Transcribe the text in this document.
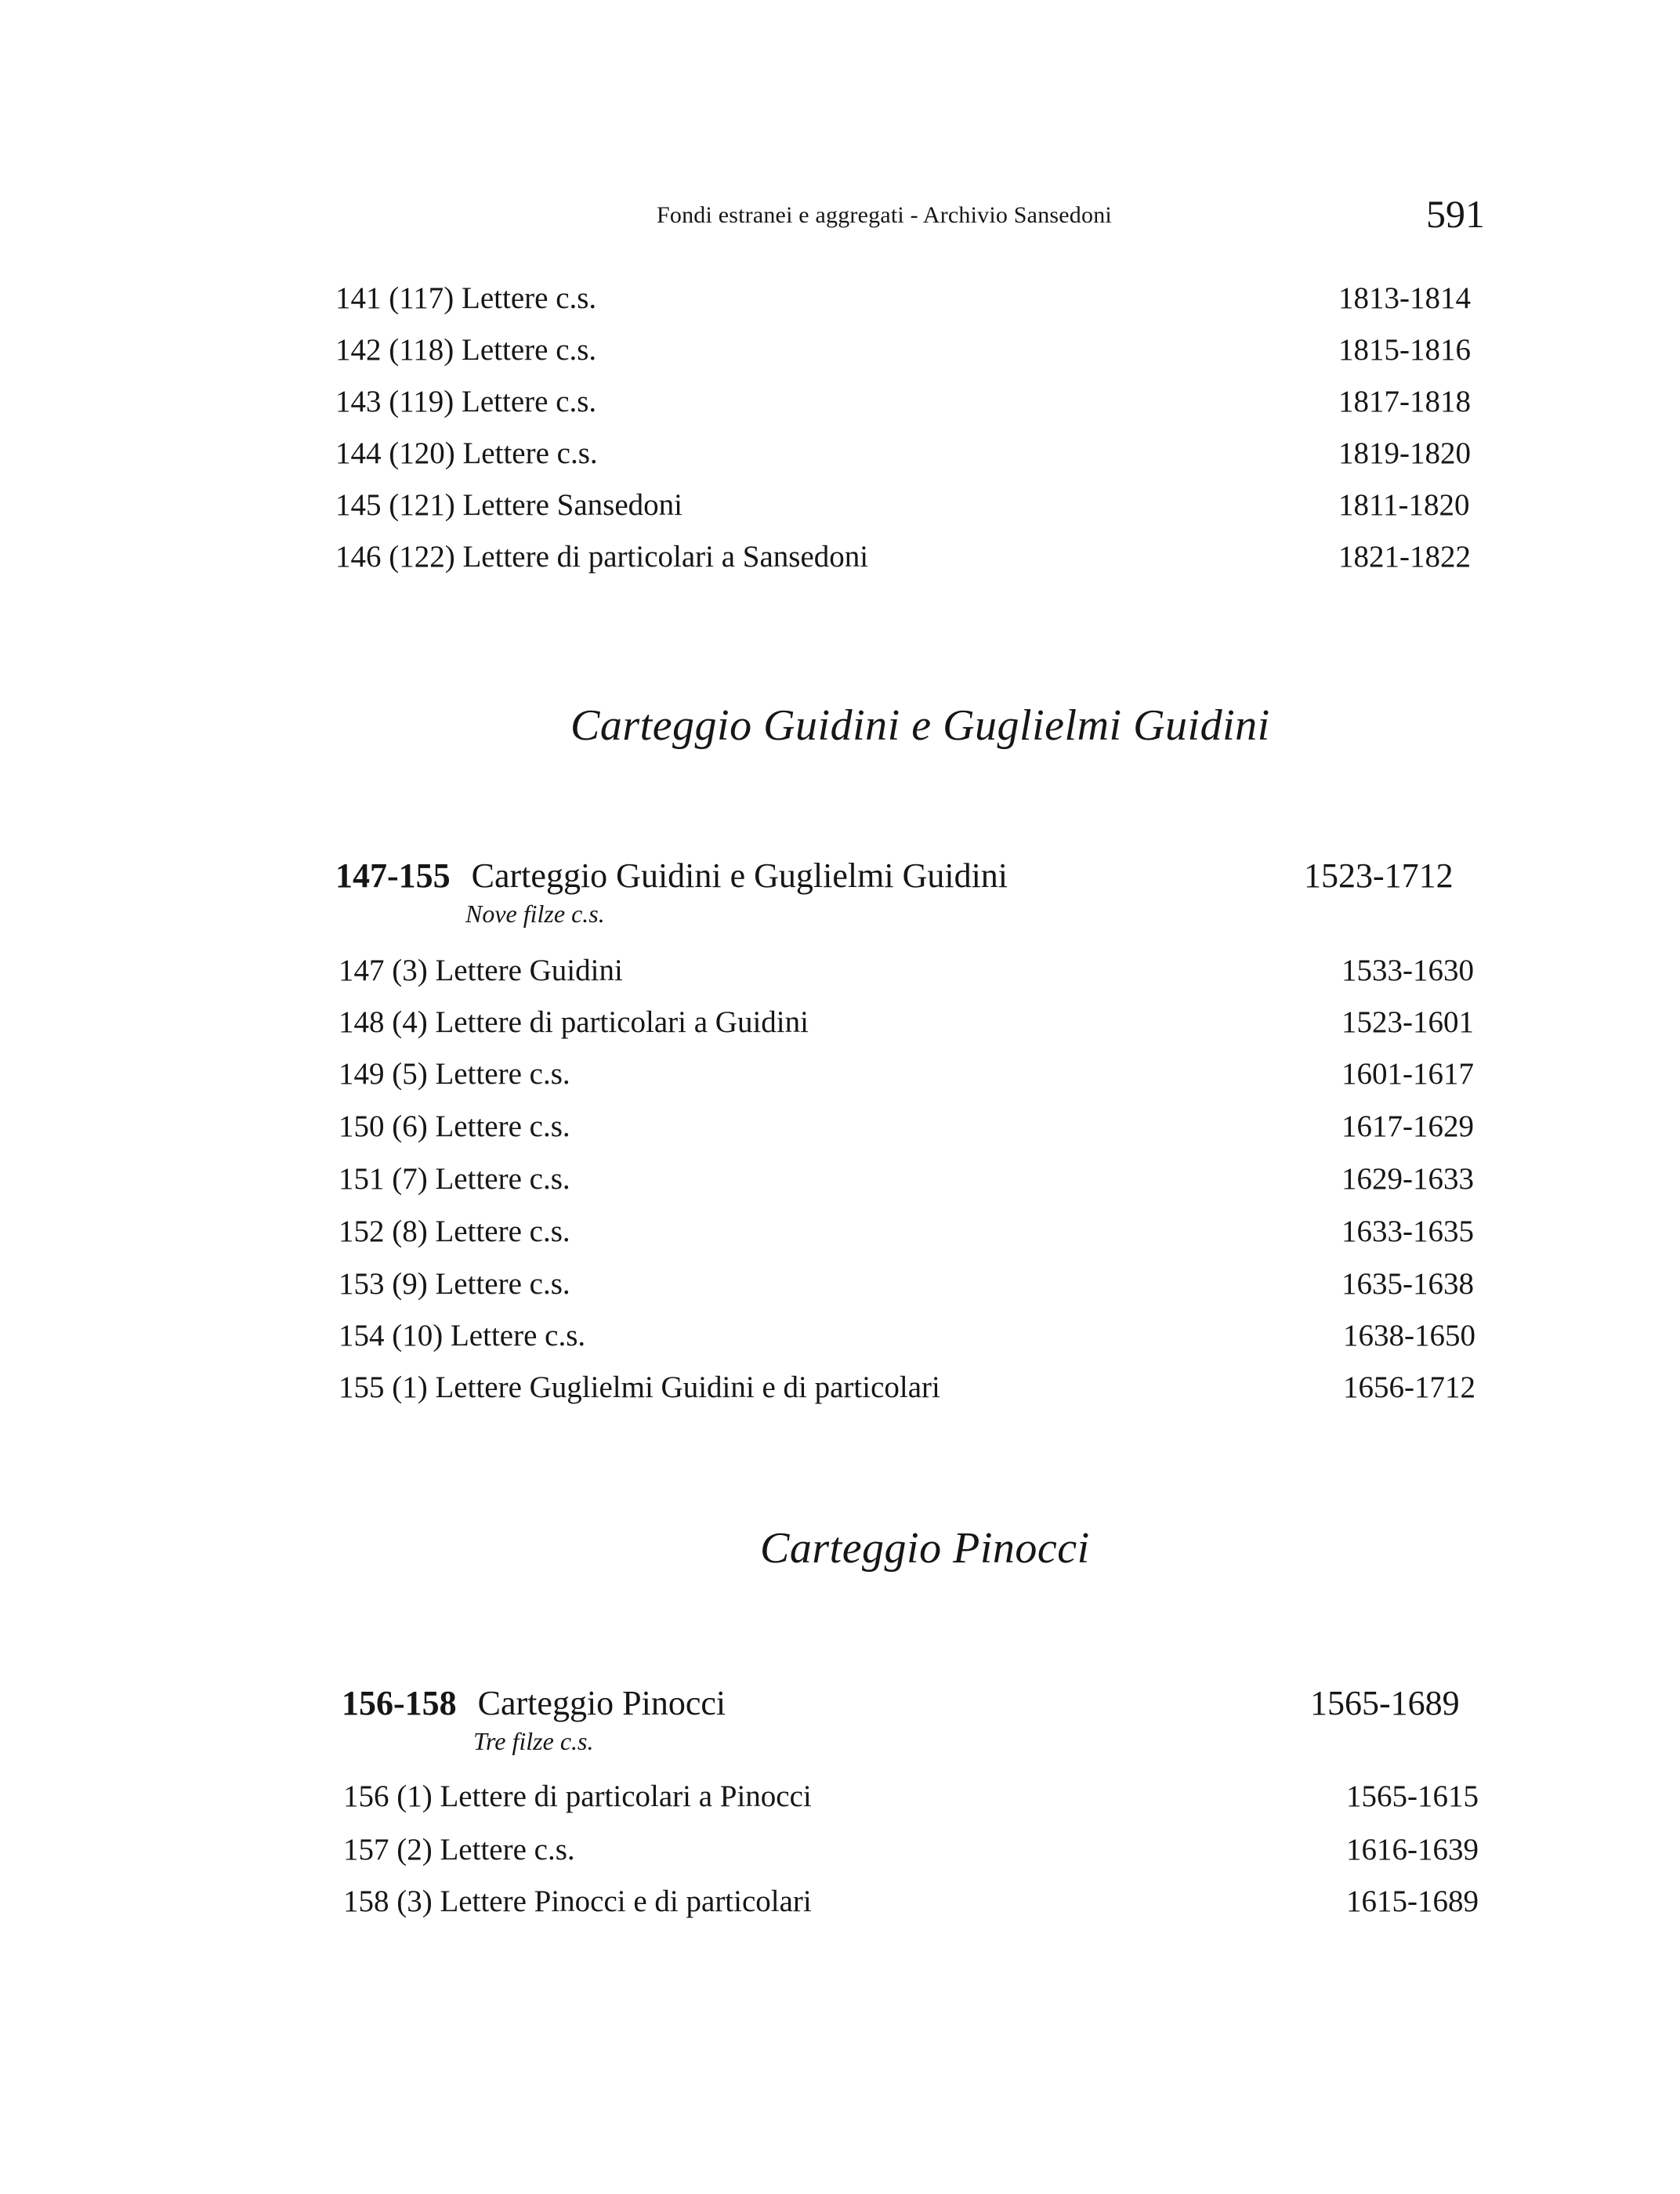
Fondi estranei e aggregati - Archivio Sansedoni	591
141 (117) Lettere c.s.	1813-1814
142 (118) Lettere c.s.	1815-1816
143 (119) Lettere c.s.	1817-1818
144 (120) Lettere c.s.	1819-1820
145 (121) Lettere Sansedoni	1811-1820
146 (122) Lettere di particolari a Sansedoni	1821-1822
Carteggio Guidini e Guglielmi Guidini
147-155 Carteggio Guidini e Guglielmi Guidini	1523-1712
Nove filze c.s.
147 (3) Lettere Guidini	1533-1630
148 (4) Lettere di particolari a Guidini	1523-1601
149 (5) Lettere c.s.	1601-1617
150 (6) Lettere c.s.	1617-1629
151 (7) Lettere c.s.	1629-1633
152 (8) Lettere c.s.	1633-1635
153 (9) Lettere c.s.	1635-1638
154 (10) Lettere c.s.	1638-1650
155 (1) Lettere Guglielmi Guidini e di particolari	1656-1712
Carteggio Pinocci
156-158 Carteggio Pinocci	1565-1689
Tre filze c.s.
156 (1) Lettere di particolari a Pinocci	1565-1615
157 (2) Lettere c.s.	1616-1639
158 (3) Lettere Pinocci e di particolari	1615-1689
